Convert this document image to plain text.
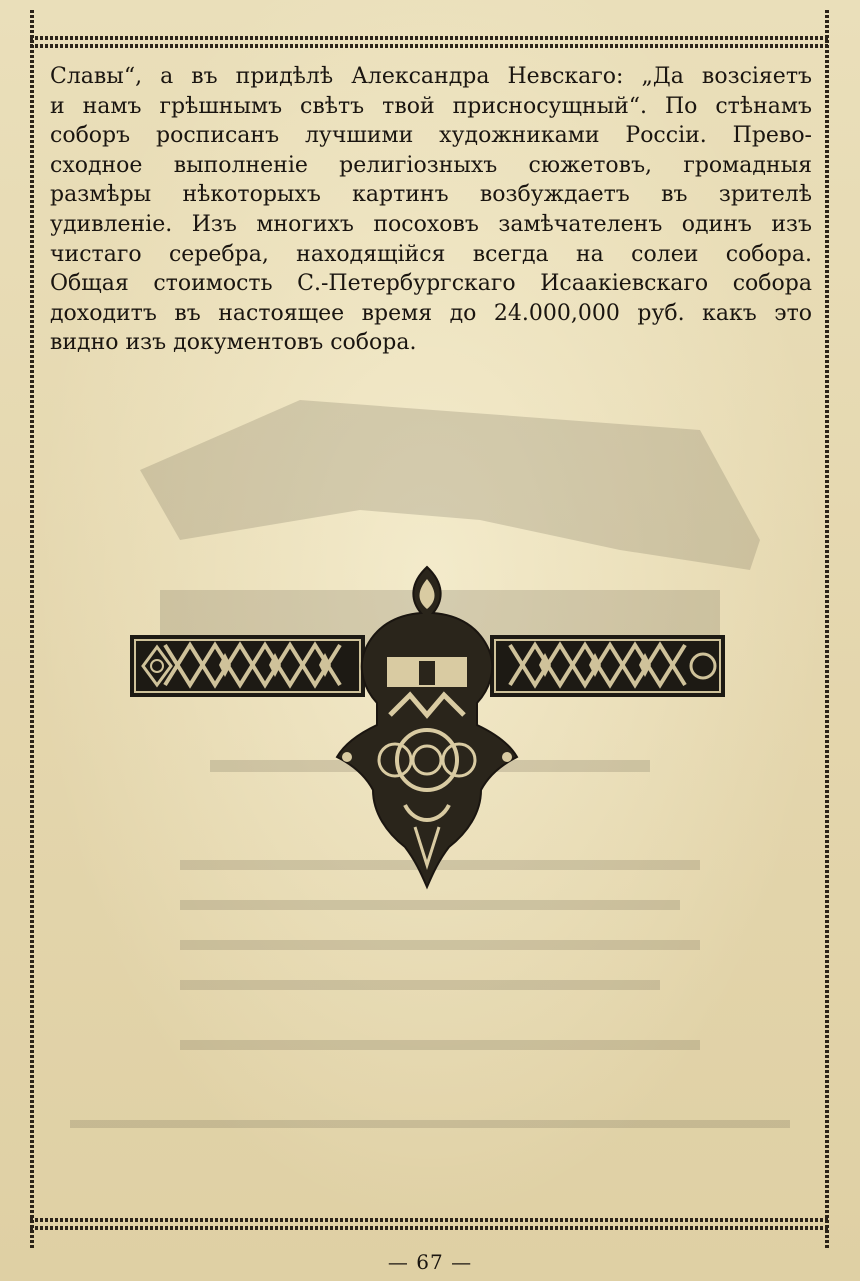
Славы“, а въ придѣлѣ Александра Невскаго: „Да возсіяетъ
и намъ грѣшнымъ свѣтъ твой присносущный“. По стѣнамъ
соборъ росписанъ лучшими художниками Россіи. Прево-
сходное выполненіе религіозныхъ сюжетовъ, громадныя
размѣры нѣкоторыхъ картинъ возбуждаетъ въ зрителѣ
удивленіе. Изъ многихъ посоховъ замѣчателенъ одинъ изъ
чистаго серебра, находящійся всегда на солеи собора.
Общая стоимость С.-Петербургскаго Исаакіевскаго собора
доходитъ въ настоящее время до 24.000,000 руб. какъ это
видно изъ документовъ собора.
— 67 —
